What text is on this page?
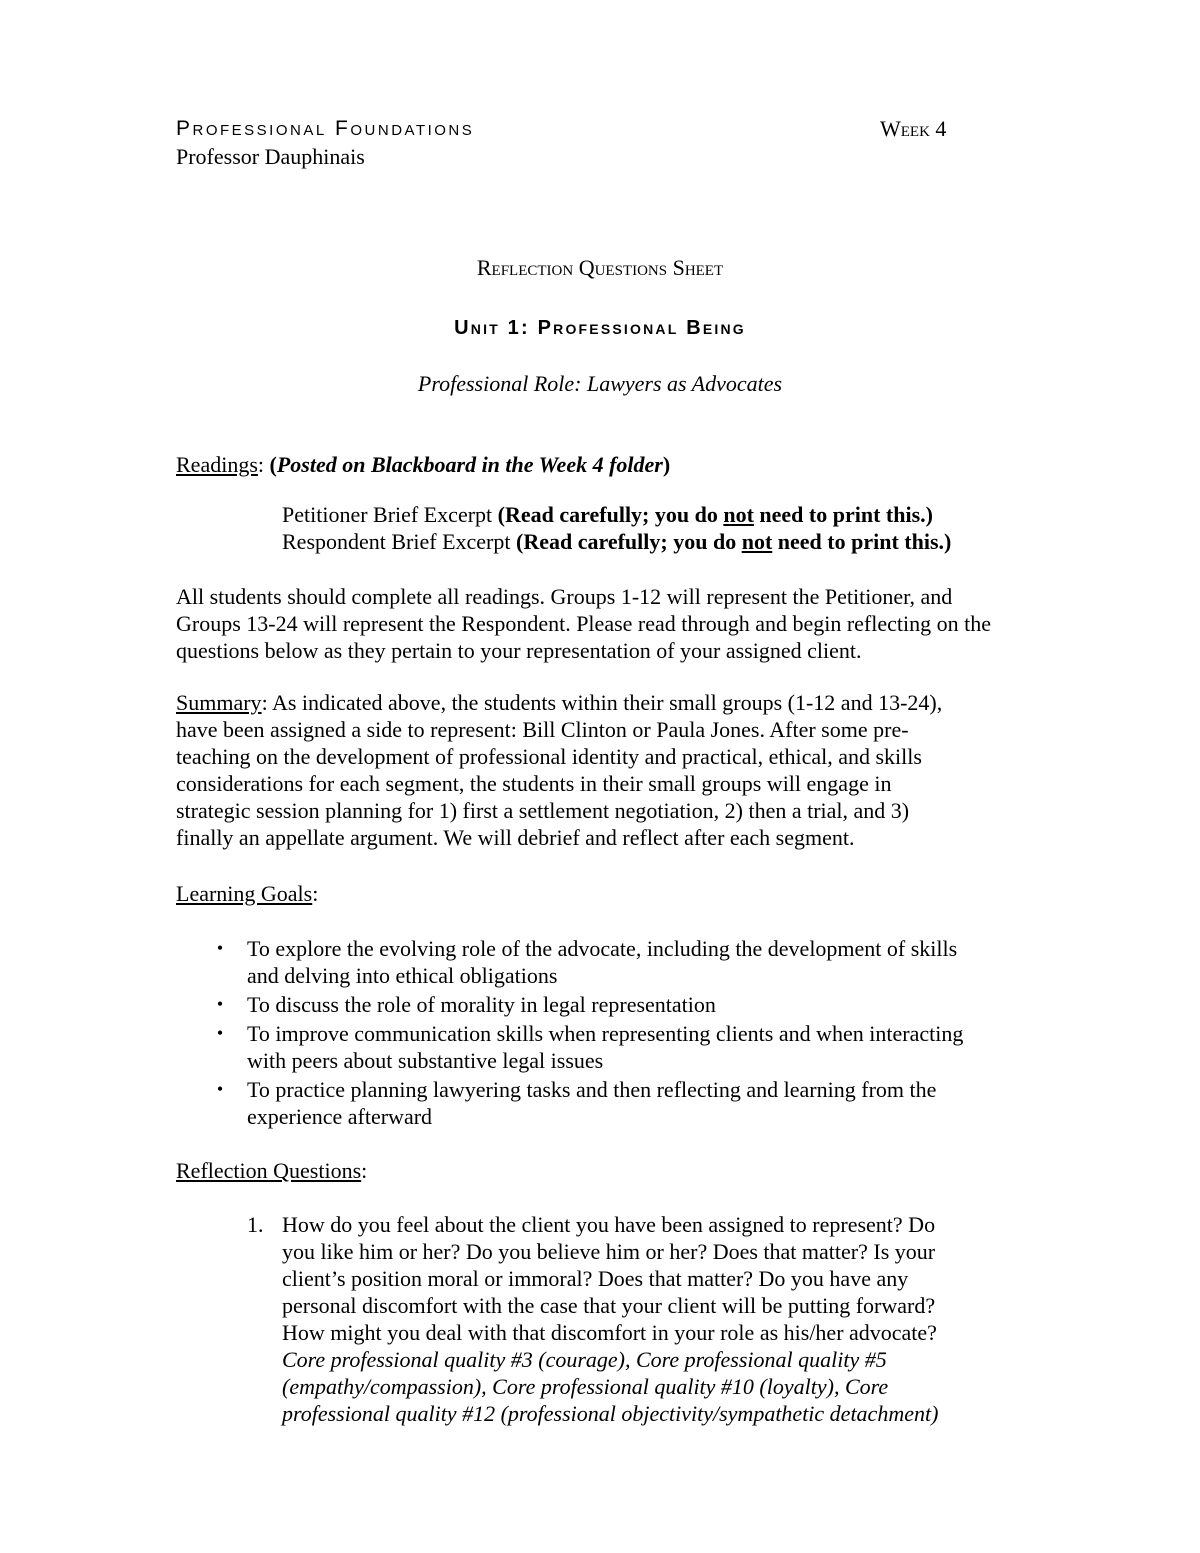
Professional Foundations	Week 4
Professor Dauphinais
Reflection Questions Sheet
Unit 1: Professional Being
Professional Role: Lawyers as Advocates
Readings: (Posted on Blackboard in the Week 4 folder)
Petitioner Brief Excerpt (Read carefully; you do not need to print this.)
Respondent Brief Excerpt (Read carefully; you do not need to print this.)
All students should complete all readings. Groups 1-12 will represent the Petitioner, and
Groups 13-24 will represent the Respondent. Please read through and begin reflecting on the
questions below as they pertain to your representation of your assigned client.
Summary: As indicated above, the students within their small groups (1-12 and 13-24),
have been assigned a side to represent: Bill Clinton or Paula Jones. After some pre-
teaching on the development of professional identity and practical, ethical, and skills
considerations for each segment, the students in their small groups will engage in
strategic session planning for 1) first a settlement negotiation, 2) then a trial, and 3)
finally an appellate argument. We will debrief and reflect after each segment.
Learning Goals:
•	To explore the evolving role of the advocate, including the development of skills
and delving into ethical obligations
•	To discuss the role of morality in legal representation
•	To improve communication skills when representing clients and when interacting
with peers about substantive legal issues
•	To practice planning lawyering tasks and then reflecting and learning from the
experience afterward
Reflection Questions:
1. How do you feel about the client you have been assigned to represent? Do
you like him or her? Do you believe him or her? Does that matter? Is your
client’s position moral or immoral? Does that matter? Do you have any
personal discomfort with the case that your client will be putting forward?
How might you deal with that discomfort in your role as his/her advocate?
Core professional quality #3 (courage), Core professional quality #5
(empathy/compassion), Core professional quality #10 (loyalty), Core
professional quality #12 (professional objectivity/sympathetic detachment)
